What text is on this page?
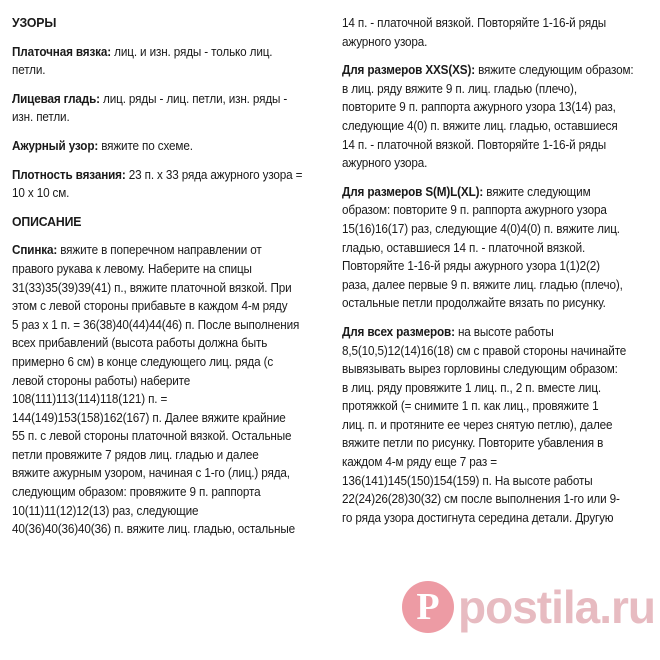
УЗОРЫ
Платочная вязка: лиц. и изн. ряды - только лиц.
петли.
Лицевая гладь: лиц. ряды - лиц. петли, изн. ряды -
изн. петли.
Ажурный узор: вяжите по схеме.
Плотность вязания: 23 п. х 33 ряда ажурного узора =
10 х 10 см.
ОПИСАНИЕ
Спинка: вяжите в поперечном направлении от
правого рукава к левому. Наберите на спицы
31(33)35(39)39(41) п., вяжите платочной вязкой. При
этом с левой стороны прибавьте в каждом 4-м ряду
5 раз х 1 п. = 36(38)40(44)44(46) п. После выполнения
всех прибавлений (высота работы должна быть
примерно 6 см) в конце следующего лиц. ряда (с
левой стороны работы) наберите
108(111)113(114)118(121) п. =
144(149)153(158)162(167) п. Далее вяжите крайние
55 п. с левой стороны платочной вязкой. Остальные
петли провяжите 7 рядов лиц. гладью и далее
вяжите ажурным узором, начиная с 1-го (лиц.) ряда,
следующим образом: провяжите 9 п. раппорта
10(11)11(12)12(13) раз, следующие
40(36)40(36)40(36) п. вяжите лиц. гладью, остальные
14 п. - платочной вязкой. Повторяйте 1-16-й ряды
ажурного узора.
Для размеров XXS(XS): вяжите следующим образом:
в лиц. ряду вяжите 9 п. лиц. гладью (плечо),
повторите 9 п. раппорта ажурного узора 13(14) раз,
следующие 4(0) п. вяжите лиц. гладью, оставшиеся
14 п. - платочной вязкой. Повторяйте 1-16-й ряды
ажурного узора.
Для размеров S(M)L(XL): вяжите следующим
образом: повторите 9 п. раппорта ажурного узора
15(16)16(17) раз, следующие 4(0)4(0) п. вяжите лиц.
гладью, оставшиеся 14 п. - платочной вязкой.
Повторяйте 1-16-й ряды ажурного узора 1(1)2(2)
раза, далее первые 9 п. вяжите лиц. гладью (плечо),
остальные петли продолжайте вязать по рисунку.
Для всех размеров: на высоте работы
8,5(10,5)12(14)16(18) см с правой стороны начинайте
вывязывать вырез горловины следующим образом:
в лиц. ряду провяжите 1 лиц. п., 2 п. вместе лиц.
протяжкой (= снимите 1 п. как лиц., провяжите 1
лиц. п. и протяните ее через снятую петлю), далее
вяжите петли по рисунку. Повторите убавления в
каждом 4-м ряду еще 7 раз =
136(141)145(150)154(159) п. На высоте работы
22(24)26(28)30(32) см после выполнения 1-го или 9-
го ряда узора достигнута середина детали. Другую
P postila.ru
